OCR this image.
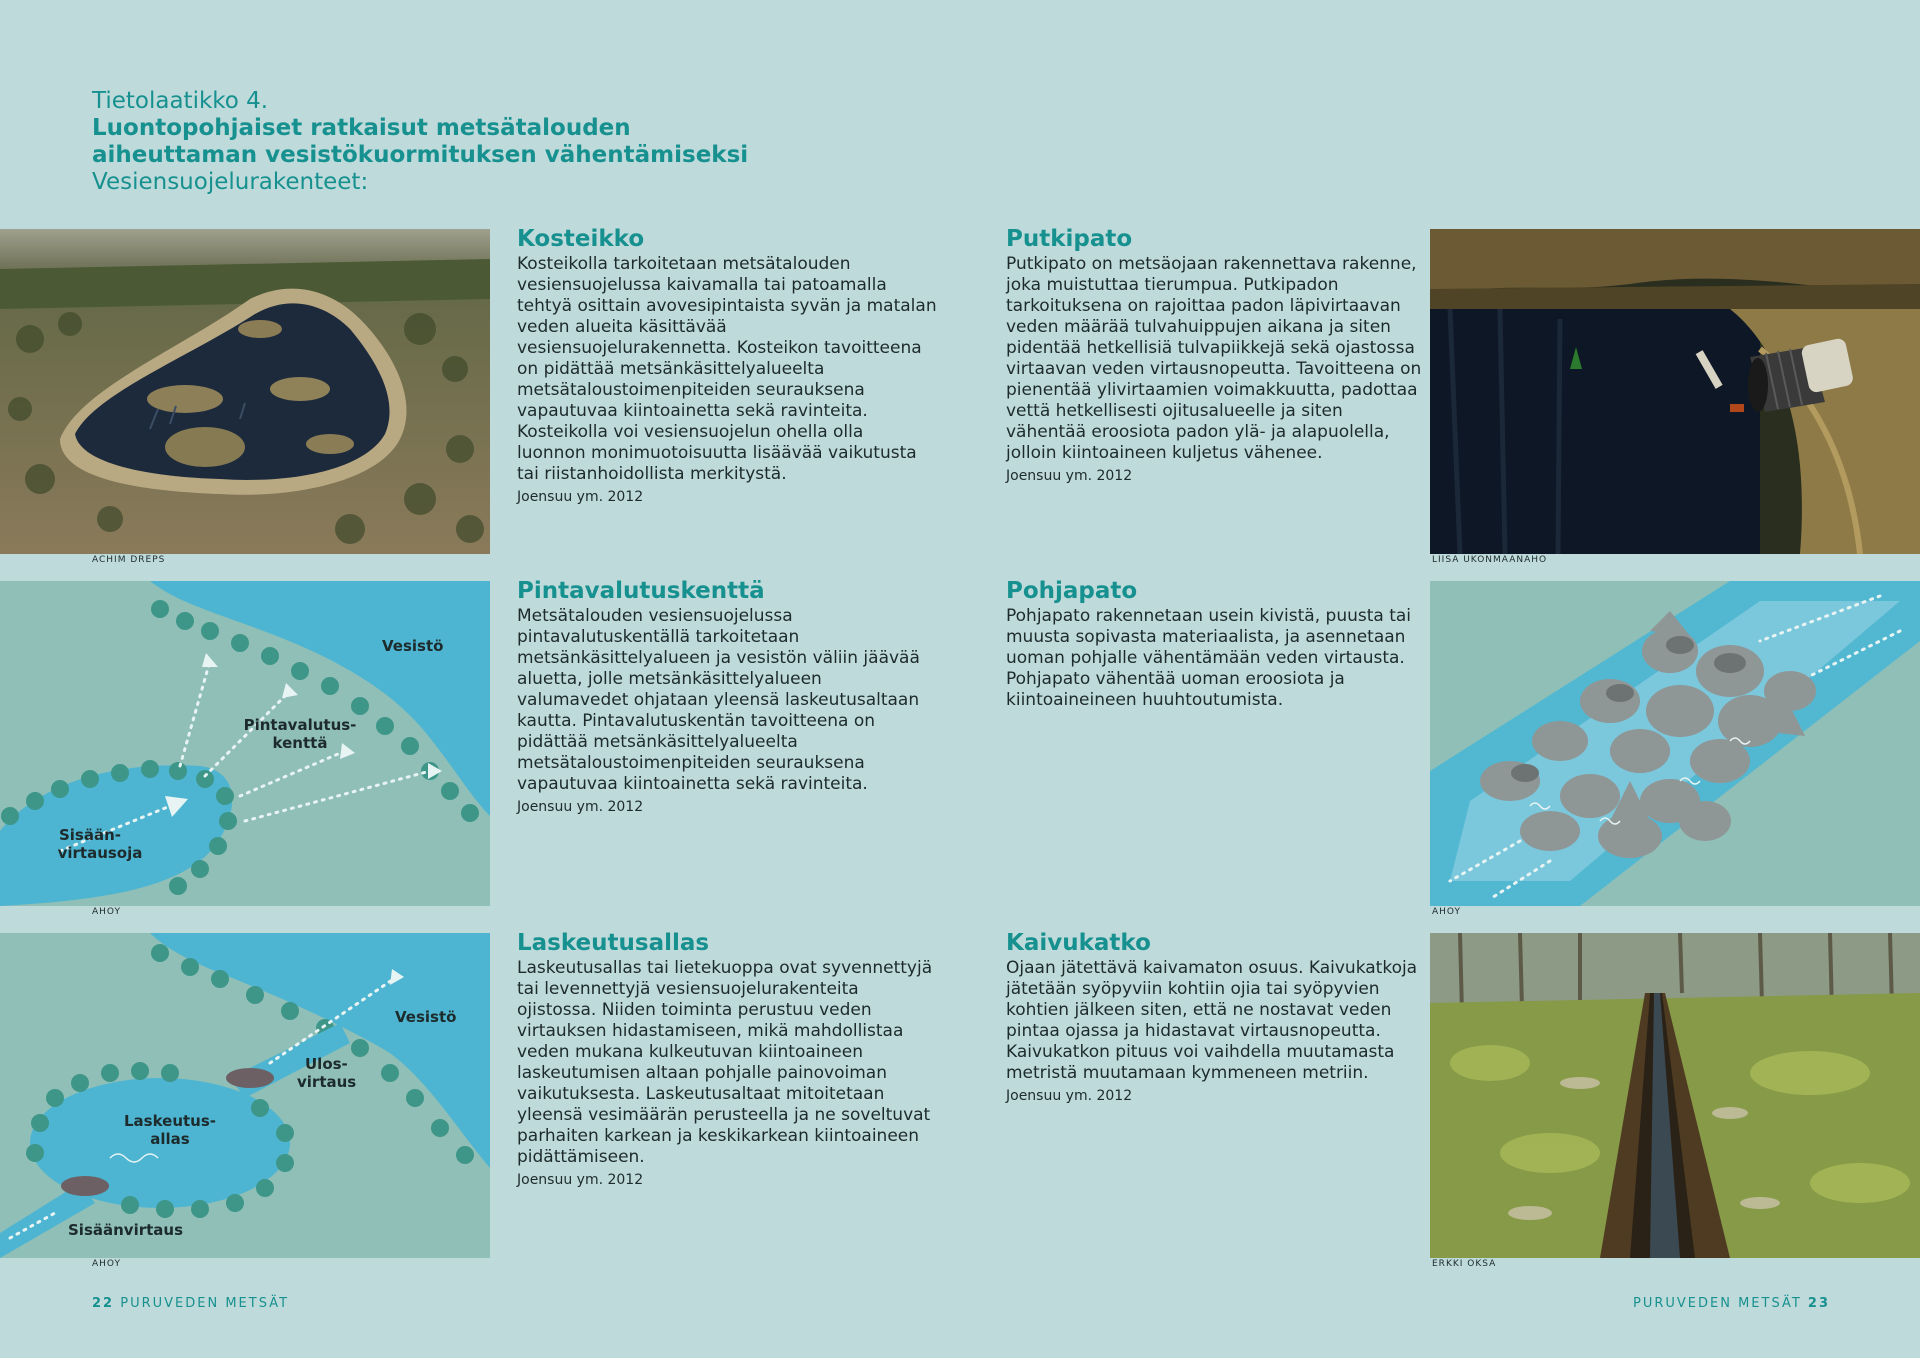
Tietolaatikko 4.
Luontopohjaiset ratkaisut metsätalouden
aiheuttaman vesistökuormituksen vähentämiseksi
Vesiensuojelurakenteet:
ACHIM DREPS
Kosteikko

Kosteikolla tarkoitetaan metsätalouden vesiensuojelussa kaivamalla tai patoamalla tehtyä osittain avovesipintaista syvän ja matalan veden alueita käsittävää vesiensuojelurakennetta. Kosteikon tavoitteena on pidättää metsänkäsittelyalueelta metsätaloustoimenpiteiden seurauksena vapautuvaa kiintoainetta sekä ravinteita. Kosteikolla voi vesiensuojelun ohella olla luonnon monimuotoisuutta lisäävää vaikutusta tai riistanhoidollista merkitystä.

Joensuu ym. 2012

Putkipato

Putkipato on metsäojaan rakennettava rakenne, joka muistuttaa tierumpua. Putkipadon tarkoituksena on rajoittaa padon läpivirtaavan veden määrää tulvahuippujen aikana ja siten pidentää hetkellisiä tulvapiikkejä sekä ojastossa virtaavan veden virtausnopeutta. Tavoitteena on pienentää ylivirtaamien voimakkuutta, padottaa vettä hetkellisesti ojitusalueelle ja siten vähentää eroosiota padon ylä- ja alapuolella, jolloin kiintoaineen kuljetus vähenee.

Joensuu ym. 2012

LIISA UKONMAANAHO
Vesistö
Pintavalutus-
kenttä
Sisään-
virtausoja
AHOY
Pintavalutuskenttä

Metsätalouden vesiensuojelussa pintavalutuskentällä tarkoitetaan metsänkäsittelyalueen ja vesistön väliin jäävää aluetta, jolle metsänkäsittelyalueen valumavedet ohjataan yleensä laskeutusaltaan kautta. Pintavalutuskentän tavoitteena on pidättää metsänkäsittelyalueelta metsätaloustoimenpiteiden seurauksena vapautuvaa kiintoainetta sekä ravinteita.

Joensuu ym. 2012

Pohjapato

Pohjapato rakennetaan usein kivistä, puusta tai muusta sopivasta materiaalista, ja asennetaan uoman pohjalle vähentämään veden virtausta. Pohjapato vähentää uoman eroosiota ja kiintoaineineen huuhtoutumista.

AHOY
Vesistö
Ulos-
virtaus
Laskeutus-
allas
Sisäänvirtaus
AHOY
Laskeutusallas

Laskeutusallas tai lietekuoppa ovat syvennettyjä tai levennettyjä vesiensuojelurakenteita ojistossa. Niiden toiminta perustuu veden virtauksen hidastamiseen, mikä mahdollistaa veden mukana kulkeutuvan kiintoaineen laskeutumisen altaan pohjalle painovoiman vaikutuksesta. Laskeutusaltaat mitoitetaan yleensä vesimäärän perusteella ja ne soveltuvat parhaiten karkean ja keskikarkean kiintoaineen pidättämiseen.

Joensuu ym. 2012

Kaivukatko

Ojaan jätettävä kaivamaton osuus. Kaivukatkoja jätetään syöpyviin kohtiin ojia tai syöpyvien kohtien jälkeen siten, että ne nostavat veden pintaa ojassa ja hidastavat virtausnopeutta. Kaivukatkon pituus voi vaihdella muutamasta metristä muutamaan kymmeneen metriin.

Joensuu ym. 2012

ERKKI OKSA
22 PURUVEDEN METSÄT	PURUVEDEN METSÄT 23
